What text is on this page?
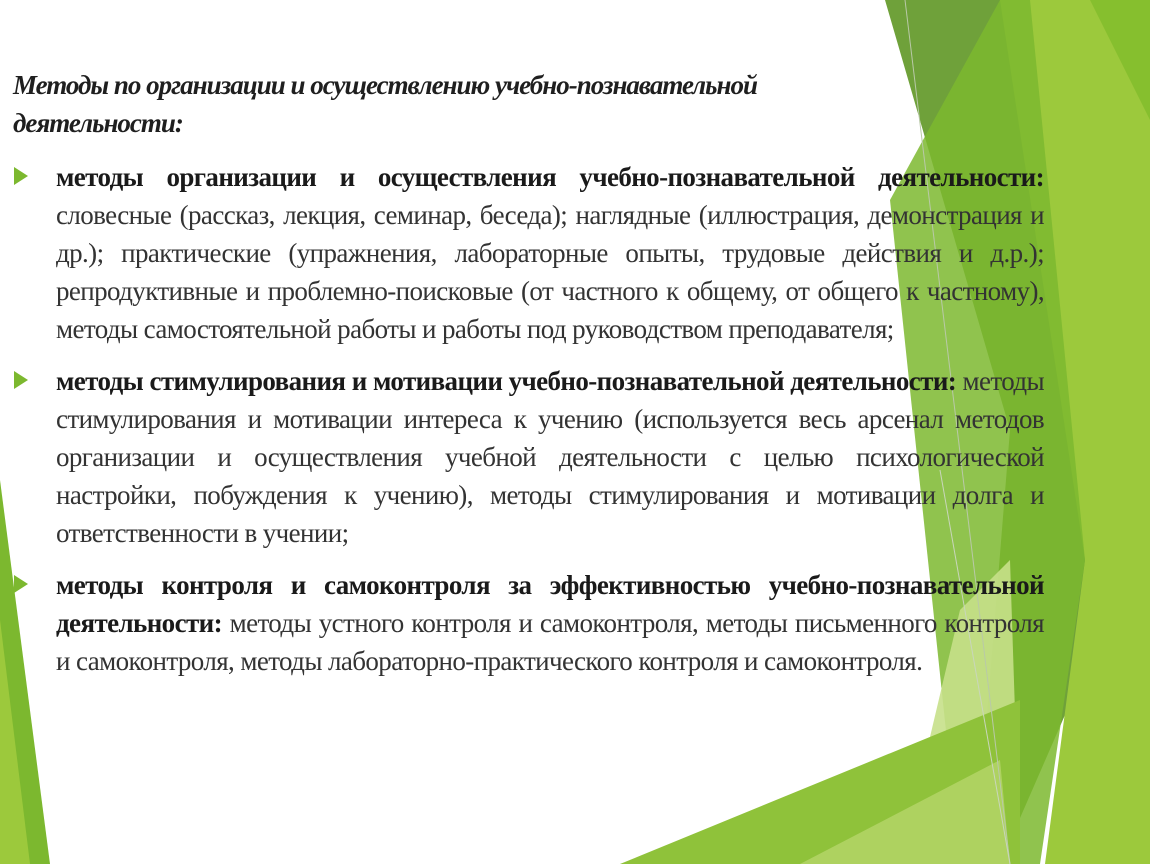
Методы по организации и осуществлению учебно-познавательной деятельности:
методы организации и осуществления учебно-познавательной деятельности: словесные (рассказ, лекция, семинар, беседа); наглядные (иллюстрация, демонстрация и др.); практические (упражнения, лабораторные опыты, трудовые действия и д.р.); репродуктивные и проблемно-поисковые (от частного к общему, от общего к частному), методы самостоятельной работы и работы под руководством преподавателя;
методы стимулирования и мотивации учебно-познавательной деятельности: методы стимулирования и мотивации интереса к учению (используется весь арсенал методов организации и осуществления учебной деятельности с целью психологической настройки, побуждения к учению), методы стимулирования и мотивации долга и ответственности в учении;
методы контроля и самоконтроля за эффективностью учебно-познавательной деятельности: методы устного контроля и самоконтроля, методы письменного контроля и самоконтроля, методы лабораторно-практического контроля и самоконтроля.
